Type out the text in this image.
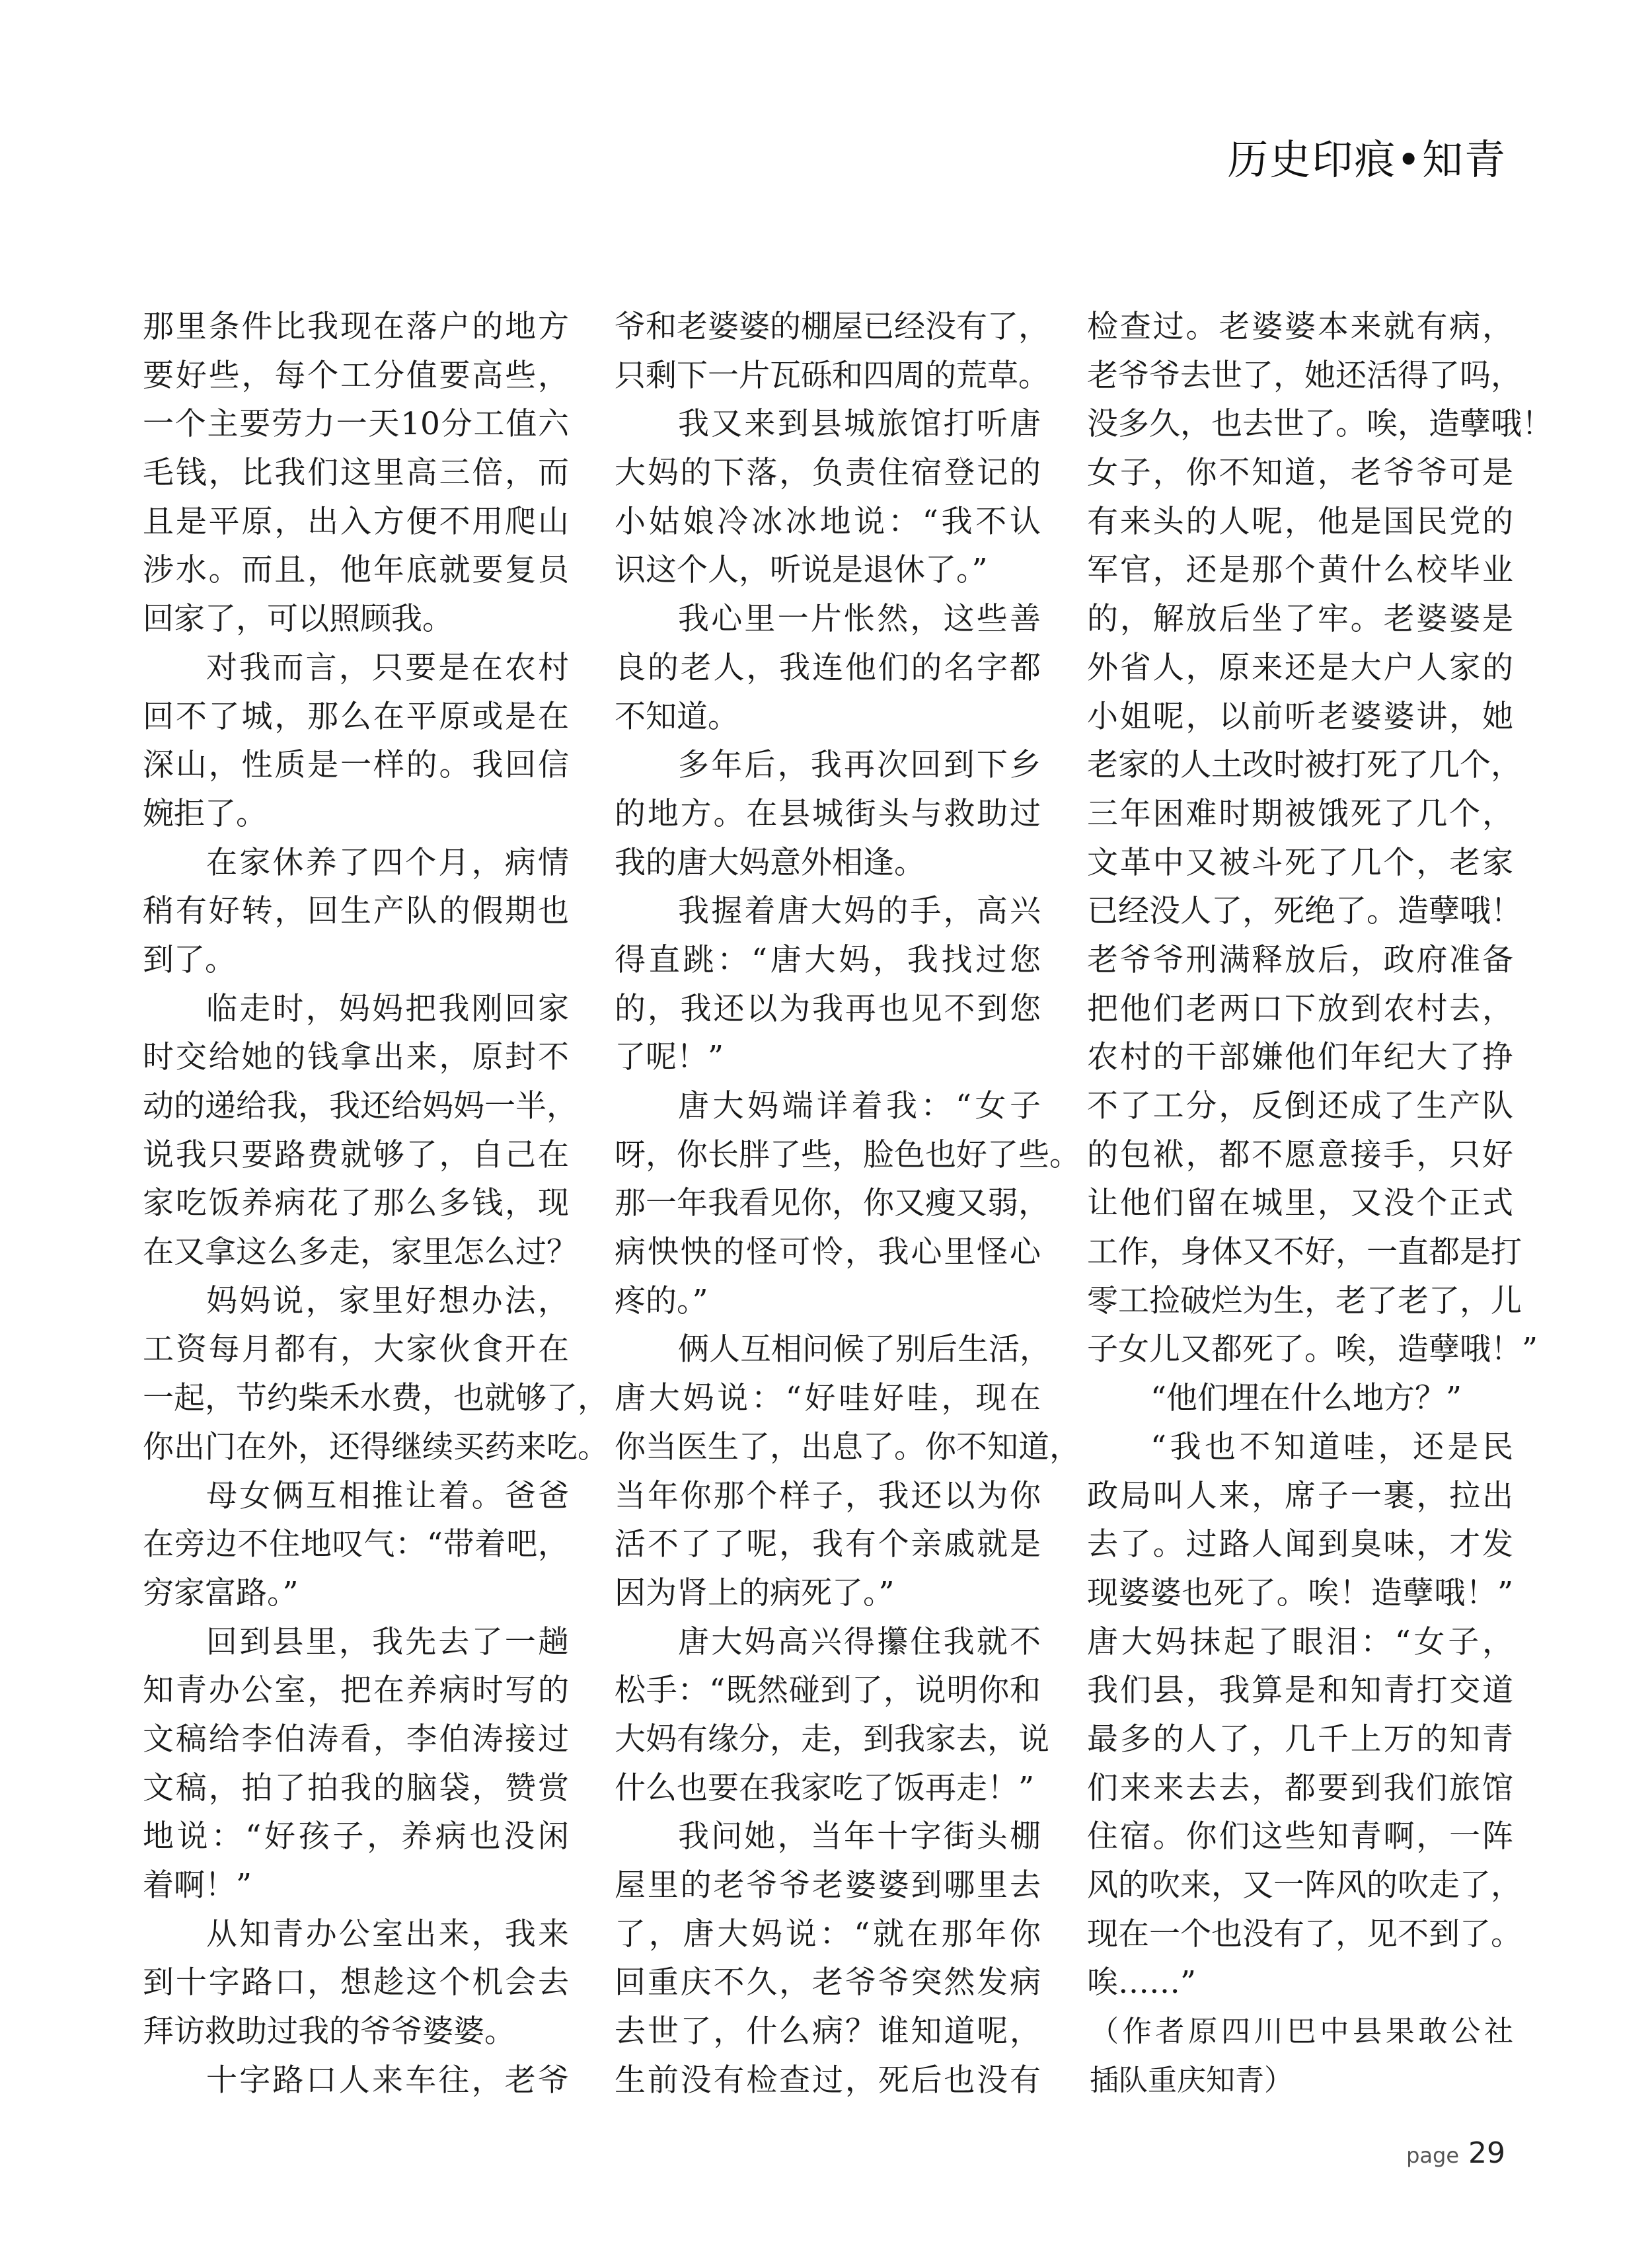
历史印痕•知青
那里条件比我现在落户的地方
要好些，每个工分值要高些，
一个主要劳力一天10分工值六
毛钱，比我们这里高三倍，而
且是平原，出入方便不用爬山
涉水。而且，他年底就要复员
回家了，可以照顾我。
对我而言，只要是在农村
回不了城，那么在平原或是在
深山，性质是一样的。我回信
婉拒了。
在家休养了四个月，病情
稍有好转，回生产队的假期也
到了。
临走时，妈妈把我刚回家
时交给她的钱拿出来，原封不
动的递给我，我还给妈妈一半，
说我只要路费就够了，自己在
家吃饭养病花了那么多钱，现
在又拿这么多走，家里怎么过？
妈妈说，家里好想办法，
工资每月都有，大家伙食开在
一起，节约柴禾水费，也就够了，
你出门在外，还得继续买药来吃。
母女俩互相推让着。爸爸
在旁边不住地叹气：“带着吧，
穷家富路。”
回到县里，我先去了一趟
知青办公室，把在养病时写的
文稿给李伯涛看，李伯涛接过
文稿，拍了拍我的脑袋，赞赏
地说：“好孩子，养病也没闲
着啊！”
从知青办公室出来，我来
到十字路口，想趁这个机会去
拜访救助过我的爷爷婆婆。
十字路口人来车往，老爷
爷和老婆婆的棚屋已经没有了，
只剩下一片瓦砾和四周的荒草。
我又来到县城旅馆打听唐
大妈的下落，负责住宿登记的
小姑娘冷冰冰地说：“我不认
识这个人，听说是退休了。”
我心里一片怅然，这些善
良的老人，我连他们的名字都
不知道。
多年后，我再次回到下乡
的地方。在县城街头与救助过
我的唐大妈意外相逢。
我握着唐大妈的手，高兴
得直跳：“唐大妈，我找过您
的，我还以为我再也见不到您
了呢！”
唐大妈端详着我：“女子
呀，你长胖了些，脸色也好了些。
那一年我看见你，你又瘦又弱，
病怏怏的怪可怜，我心里怪心
疼的。”
俩人互相问候了别后生活，
唐大妈说：“好哇好哇，现在
你当医生了，出息了。你不知道，
当年你那个样子，我还以为你
活不了了呢，我有个亲戚就是
因为肾上的病死了。”
唐大妈高兴得攥住我就不
松手：“既然碰到了，说明你和
大妈有缘分，走，到我家去，说
什么也要在我家吃了饭再走！”
我问她，当年十字街头棚
屋里的老爷爷老婆婆到哪里去
了，唐大妈说：“就在那年你
回重庆不久，老爷爷突然发病
去世了，什么病？谁知道呢，
生前没有检查过，死后也没有
检查过。老婆婆本来就有病，
老爷爷去世了，她还活得了吗，
没多久，也去世了。唉，造孽哦！
女子，你不知道，老爷爷可是
有来头的人呢，他是国民党的
军官，还是那个黄什么校毕业
的，解放后坐了牢。老婆婆是
外省人，原来还是大户人家的
小姐呢，以前听老婆婆讲，她
老家的人土改时被打死了几个，
三年困难时期被饿死了几个，
文革中又被斗死了几个，老家
已经没人了，死绝了。造孽哦！
老爷爷刑满释放后，政府准备
把他们老两口下放到农村去，
农村的干部嫌他们年纪大了挣
不了工分，反倒还成了生产队
的包袱，都不愿意接手，只好
让他们留在城里，又没个正式
工作，身体又不好，一直都是打
零工捡破烂为生，老了老了，儿
子女儿又都死了。唉，造孽哦！”
“他们埋在什么地方？”
“我也不知道哇，还是民
政局叫人来，席子一裹，拉出
去了。过路人闻到臭味，才发
现婆婆也死了。唉！造孽哦！”
唐大妈抹起了眼泪：“女子，
我们县，我算是和知青打交道
最多的人了，几千上万的知青
们来来去去，都要到我们旅馆
住宿。你们这些知青啊，一阵
风的吹来，又一阵风的吹走了，
现在一个也没有了，见不到了。
唉……”
（作者原四川巴中县果敢公社
插队重庆知青）
page 29
